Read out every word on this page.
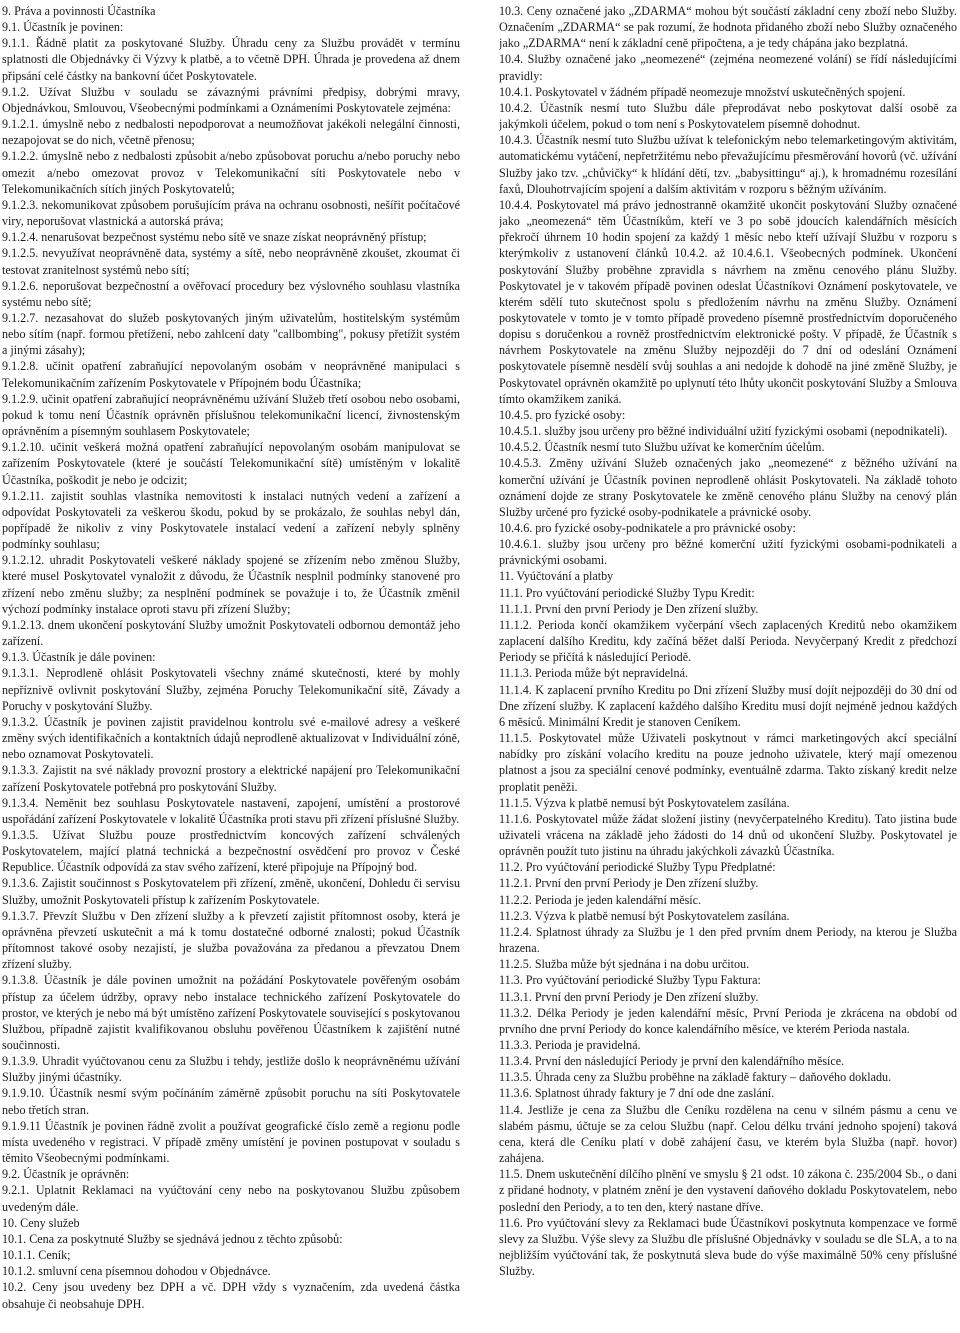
9. Práva a povinnosti Účastníka

9.1. Účastník je povinen:

9.1.1. Řádně platit za poskytované Služby. Úhradu ceny za Službu provádět v termínu splatnosti dle Objednávky či Výzvy k platbě, a to včetně DPH. Úhrada je provedena až dnem připsání celé částky na bankovní účet Poskytovatele.

9.1.2. Užívat Službu v souladu se závaznými právními předpisy, dobrými mravy, Objednávkou, Smlouvou, Všeobecnými podmínkami a Oznámeními Poskytovatele zejména:

9.1.2.1. úmyslně nebo z nedbalosti nepodporovat a neumožňovat jakékoli nelegální činnosti, nezapojovat se do nich, včetně přenosu;

9.1.2.2. úmyslně nebo z nedbalosti způsobit a/nebo způsobovat poruchu a/nebo poruchy nebo omezit a/nebo omezovat provoz v Telekomunikační síti Poskytovatele nebo v Telekomunikačních sítích jiných Poskytovatelů;

9.1.2.3. nekomunikovat způsobem porušujícím práva na ochranu osobnosti, nešířit počítačové viry, neporušovat vlastnická a autorská práva;

9.1.2.4. nenarušovat bezpečnost systému nebo sítě ve snaze získat neoprávněný přístup;

9.1.2.5. nevyužívat neoprávněně data, systémy a sítě, nebo neoprávněně zkoušet, zkoumat či testovat zranitelnost systémů nebo sítí;

9.1.2.6. neporušovat bezpečnostní a ověřovací procedury bez výslovného souhlasu vlastníka systému nebo sítě;

9.1.2.7. nezasahovat do služeb poskytovaných jiným uživatelům, hostitelským systémům nebo sítím (např. formou přetížení, nebo zahlcení daty "callbombing", pokusy přetížit systém a jinými zásahy);

9.1.2.8. učinit opatření zabraňující nepovolaným osobám v neoprávněné manipulaci s Telekomunikačním zařízením Poskytovatele v Přípojném bodu Účastníka;

9.1.2.9. učinit opatření zabraňující neoprávněnému užívání Služeb třetí osobou nebo osobami, pokud k tomu není Účastník oprávněn příslušnou telekomunikační licencí, živnostenským oprávněním a písemným souhlasem Poskytovatele;

9.1.2.10. učinit veškerá možná opatření zabraňující nepovolaným osobám manipulovat se zařízením Poskytovatele (které je součástí Telekomunikační sítě) umístěným v lokalitě Účastníka, poškodit je nebo je odcizit;

9.1.2.11. zajistit souhlas vlastníka nemovitosti k instalaci nutných vedení a zařízení a odpovídat Poskytovateli za veškerou škodu, pokud by se prokázalo, že souhlas nebyl dán, popřípadě že nikoliv z viny Poskytovatele instalací vedení a zařízení nebyly splněny podmínky souhlasu;

9.1.2.12. uhradit Poskytovateli veškeré náklady spojené se zřízením nebo změnou Služby, které musel Poskytovatel vynaložit z důvodu, že Účastník nesplnil podmínky stanovené pro zřízení nebo změnu služby; za nesplnění podmínek se považuje i to, že Účastník změnil výchozí podmínky instalace oproti stavu při zřízení Služby;

9.1.2.13. dnem ukončení poskytování Služby umožnit Poskytovateli odbornou demontáž jeho zařízení.

9.1.3. Účastník je dále povinen:

9.1.3.1. Neprodleně ohlásit Poskytovateli všechny známé skutečnosti, které by mohly nepříznivě ovlivnit poskytování Služby, zejména Poruchy Telekomunikační sítě, Závady a Poruchy v poskytování Služby.

9.1.3.2. Účastník je povinen zajistit pravidelnou kontrolu své e-mailové adresy a veškeré změny svých identifikačních a kontaktních údajů neprodleně aktualizovat v Individuální zóně, nebo oznamovat Poskytovateli.

9.1.3.3. Zajistit na své náklady provozní prostory a elektrické napájení pro Telekomunikační zařízení Poskytovatele potřebná pro poskytování Služby.

9.1.3.4. Neměnit bez souhlasu Poskytovatele nastavení, zapojení, umístění a prostorové uspořádání zařízení Poskytovatele v lokalitě Účastníka proti stavu při zřízení příslušné Služby.

9.1.3.5. Užívat Službu pouze prostřednictvím koncových zařízení schválených Poskytovatelem, mající platná technická a bezpečnostní osvědčení pro provoz v České Republice. Účastník odpovídá za stav svého zařízení, které připojuje na Přípojný bod.

9.1.3.6. Zajistit součinnost s Poskytovatelem při zřízení, změně, ukončení, Dohledu či servisu Služby, umožnit Poskytovateli přístup k zařízením Poskytovatele.

9.1.3.7. Převzít Službu v Den zřízení služby a k převzetí zajistit přítomnost osoby, která je oprávněna převzetí uskutečnit a má k tomu dostatečné odborné znalosti; pokud Účastník přítomnost takové osoby nezajistí, je služba považována za předanou a převzatou Dnem zřízení služby.

9.1.3.8. Účastník je dále povinen umožnit na požádání Poskytovatele pověřeným osobám přístup za účelem údržby, opravy nebo instalace technického zařízení Poskytovatele do prostor, ve kterých je nebo má být umístěno zařízení Poskytovatele související s poskytovanou Službou, případně zajistit kvalifikovanou obsluhu pověřenou Účastníkem k zajištění nutné součinnosti.

9.1.3.9. Uhradit vyúčtovanou cenu za Službu i tehdy, jestliže došlo k neoprávněnému užívání Služby jinými účastníky.

9.1.9.10. Účastník nesmí svým počínáním záměrně způsobit poruchu na síti Poskytovatele nebo třetích stran.

9.1.9.11 Účastník je povinen řádně zvolit a používat geografické číslo země a regionu podle místa uvedeného v registraci. V případě změny umístění je povinen postupovat v souladu s těmito Všeobecnými podmínkami.

9.2. Účastník je oprávněn:

9.2.1. Uplatnit Reklamaci na vyúčtování ceny nebo na poskytovanou Službu způsobem uvedeným dále.

10. Ceny služeb

10.1. Cena za poskytnuté Služby se sjednává jednou z těchto způsobů:

10.1.1. Ceník;

10.1.2. smluvní cena písemnou dohodou v Objednávce.

10.2. Ceny jsou uvedeny bez DPH a vč. DPH vždy s vyznačením, zda uvedená částka obsahuje či neobsahuje DPH.

10.3. Ceny označené jako „ZDARMA“ mohou být součástí základní ceny zboží nebo Služby. Označením „ZDARMA“ se pak rozumí, že hodnota přidaného zboží nebo Služby označeného jako „ZDARMA“ není k základní ceně připočtena, a je tedy chápána jako bezplatná.

10.4. Služby označené jako „neomezené“ (zejména neomezené volání) se řídí následujícími pravidly:

10.4.1. Poskytovatel v žádném případě neomezuje množství uskutečněných spojení.

10.4.2. Účastník nesmí tuto Službu dále přeprodávat nebo poskytovat další osobě za jakýmkoli účelem, pokud o tom není s Poskytovatelem písemně dohodnut.

10.4.3. Účastník nesmí tuto Službu užívat k telefonickým nebo telemarketingovým aktivitám, automatickému vytáčení, nepřetržitému nebo převažujícímu přesměrování hovorů (vč. užívání Služby jako tzv. „chůvičky“ k hlídání dětí, tzv. „babysittingu“ aj.), k hromadnému rozesílání faxů, Dlouhotrvajícím spojení a dalším aktivitám v rozporu s běžným užíváním.

10.4.4. Poskytovatel má právo jednostranně okamžitě ukončit poskytování Služby označené jako „neomezená“ těm Účastníkům, kteří ve 3 po sobě jdoucích kalendářních měsících překročí úhrnem 10 hodin spojení za každý 1 měsíc nebo kteří užívají Službu v rozporu s kterýmkoliv z ustanovení článků 10.4.2. až 10.4.6.1. Všeobecných podmínek. Ukončení poskytování Služby proběhne zpravidla s návrhem na změnu cenového plánu Služby. Poskytovatel je v takovém případě povinen odeslat Účastníkovi Oznámení poskytovatele, ve kterém sdělí tuto skutečnost spolu s předložením návrhu na změnu Služby. Oznámení poskytovatele v tomto je v tomto případě provedeno písemně prostřednictvím doporučeného dopisu s doručenkou a rovněž prostřednictvím elektronické pošty. V případě, že Účastník s návrhem Poskytovatele na změnu Služby nejpozději do 7 dní od odeslání Oznámení poskytovatele písemně nesdělí svůj souhlas a ani nedojde k dohodě na jiné změně Služby, je Poskytovatel oprávněn okamžitě po uplynutí této lhůty ukončit poskytování Služby a Smlouva tímto okamžikem zaniká.

10.4.5. pro fyzické osoby:

10.4.5.1. služby jsou určeny pro běžné individuální užití fyzickými osobami (nepodnikateli).

10.4.5.2. Účastník nesmí tuto Službu užívat ke komerčním účelům.

10.4.5.3. Změny užívání Služeb označených jako „neomezené“ z běžného užívání na komerční užívání je Účastník povinen neprodleně ohlásit Poskytovateli. Na základě tohoto oznámení dojde ze strany Poskytovatele ke změně cenového plánu Služby na cenový plán Služby určené pro fyzické osoby-podnikatele a právnické osoby.

10.4.6. pro fyzické osoby-podnikatele a pro právnické osoby:

10.4.6.1. služby jsou určeny pro běžné komerční užití fyzickými osobami-podnikateli a právnickými osobami.

11. Vyúčtování a platby

11.1. Pro vyúčtování periodické Služby Typu Kredit:

11.1.1. První den první Periody je Den zřízení služby.

11.1.2. Perioda končí okamžikem vyčerpání všech zaplacených Kreditů nebo okamžikem zaplacení dalšího Kreditu, kdy začíná běžet další Perioda. Nevyčerpaný Kredit z předchozí Periody se přičítá k následující Periodě.

11.1.3. Perioda může být nepravidelná.

11.1.4. K zaplacení prvního Kreditu po Dni zřízení Služby musí dojít nejpozději do 30 dní od Dne zřízení služby. K zaplacení každého dalšího Kreditu musí dojít nejméně jednou každých 6 měsíců. Minimální Kredit je stanoven Ceníkem.

11.1.5. Poskytovatel může Uživateli poskytnout v rámci marketingových akcí speciální nabídky pro získání volacího kreditu na pouze jednoho uživatele, který mají omezenou platnost a jsou za speciální cenové podmínky, eventuálně zdarma. Takto získaný kredit nelze proplatit peněži.

11.1.5. Výzva k platbě nemusí být Poskytovatelem zasílána.

11.1.6. Poskytovatel může žádat složení jistiny (nevyčerpatelného Kreditu). Tato jistina bude uživateli vrácena na základě jeho žádosti do 14 dnů od ukončení Služby. Poskytovatel je oprávněn použít tuto jistinu na úhradu jakýchkoli závazků Účastníka.

11.2. Pro vyúčtování periodické Služby Typu Předplatné:

11.2.1. První den první Periody je Den zřízení služby.

11.2.2. Perioda je jeden kalendářní měsíc.

11.2.3. Výzva k platbě nemusí být Poskytovatelem zasílána.

11.2.4. Splatnost úhrady za Službu je 1 den před prvním dnem Periody, na kterou je Služba hrazena.

11.2.5. Služba může být sjednána i na dobu určitou.

11.3. Pro vyúčtování periodické Služby Typu Faktura:

11.3.1. První den první Periody je Den zřízení služby.

11.3.2. Délka Periody je jeden kalendářní měsíc, První Perioda je zkrácena na období od prvního dne první Periody do konce kalendářního měsíce, ve kterém Perioda nastala.

11.3.3. Perioda je pravidelná.

11.3.4. První den následující Periody je první den kalendářního měsíce.

11.3.5. Úhrada ceny za Službu proběhne na základě faktury – daňového dokladu.

11.3.6. Splatnost úhrady faktury je 7 dní ode dne zaslání.

11.4. Jestliže je cena za Službu dle Ceníku rozdělena na cenu v silném pásmu a cenu ve slabém pásmu, účtuje se za celou Službu (např. Celou délku trvání jednoho spojení) taková cena, která dle Ceníku platí v době zahájení času, ve kterém byla Služba (např. hovor) zahájena.

11.5. Dnem uskutečnění dílčího plnění ve smyslu § 21 odst. 10 zákona č. 235/2004 Sb., o dani z přidané hodnoty, v platném znění je den vystavení daňového dokladu Poskytovatelem, nebo poslední den Periody, a to ten den, který nastane dříve.

11.6. Pro vyúčtování slevy za Reklamaci bude Účastníkovi poskytnuta kompenzace ve formě slevy za Službu. Výše slevy za Službu dle příslušné Objednávky v souladu se dle SLA, a to na nejbližším vyúčtování tak, že poskytnutá sleva bude do výše maximálně 50% ceny příslušné Služby.
